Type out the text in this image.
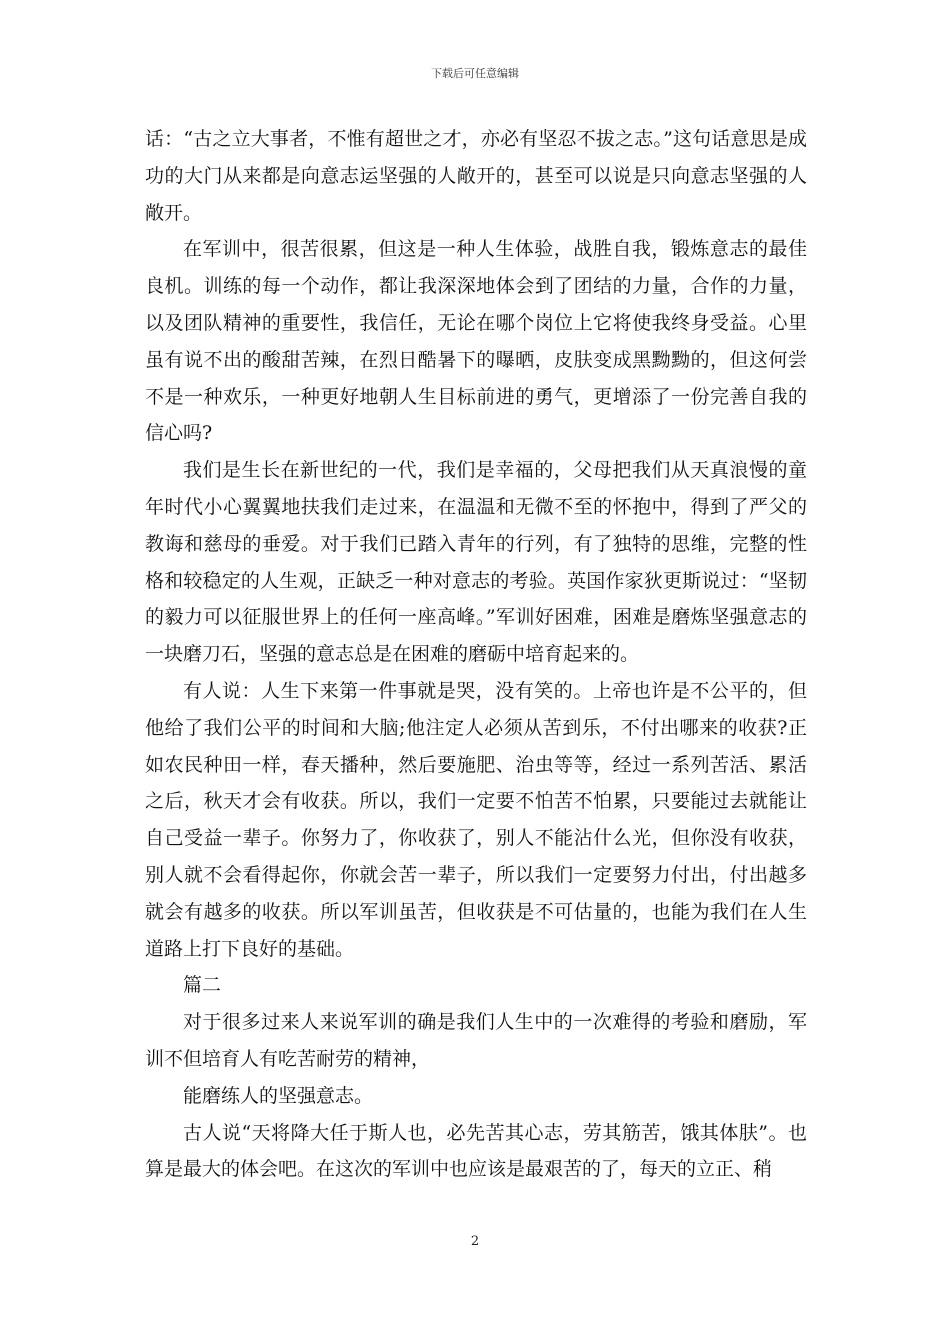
下载后可任意编辑

话：“古之立大事者，不惟有超世之才，亦必有坚忍不拔之志。”这句话意思是成功的大门从来都是向意志运坚强的人敞开的，甚至可以说是只向意志坚强的人敞开。

在军训中，很苦很累，但这是一种人生体验，战胜自我，锻炼意志的最佳良机。训练的每一个动作，都让我深深地体会到了团结的力量，合作的力量，以及团队精神的重要性，我信任，无论在哪个岗位上它将使我终身受益。心里虽有说不出的酸甜苦辣，在烈日酷暑下的曝晒，皮肤变成黑黝黝的，但这何尝不是一种欢乐，一种更好地朝人生目标前进的勇气，更增添了一份完善自我的信心吗?

我们是生长在新世纪的一代，我们是幸福的，父母把我们从天真浪慢的童年时代小心翼翼地扶我们走过来，在温温和无微不至的怀抱中，得到了严父的教诲和慈母的垂爱。对于我们已踏入青年的行列，有了独特的思维，完整的性格和较稳定的人生观，正缺乏一种对意志的考验。英国作家狄更斯说过：“坚韧的毅力可以征服世界上的任何一座高峰。”军训好困难，困难是磨炼坚强意志的一块磨刀石，坚强的意志总是在困难的磨砺中培育起来的。

有人说：人生下来第一件事就是哭，没有笑的。上帝也许是不公平的，但他给了我们公平的时间和大脑;他注定人必须从苦到乐，不付出哪来的收获?正如农民种田一样，春天播种，然后要施肥、治虫等等，经过一系列苦活、累活之后，秋天才会有收获。所以，我们一定要不怕苦不怕累，只要能过去就能让自己受益一辈子。你努力了，你收获了，别人不能沾什么光，但你没有收获，别人就不会看得起你，你就会苦一辈子，所以我们一定要努力付出，付出越多就会有越多的收获。所以军训虽苦，但收获是不可估量的，也能为我们在人生道路上打下良好的基础。

篇二

对于很多过来人来说军训的确是我们人生中的一次难得的考验和磨励，军训不但培育人有吃苦耐劳的精神，

能磨练人的坚强意志。

古人说“天将降大任于斯人也，必先苦其心志，劳其筋苦，饿其体肤”。也算是最大的体会吧。在这次的军训中也应该是最艰苦的了，每天的立正、稍

2
